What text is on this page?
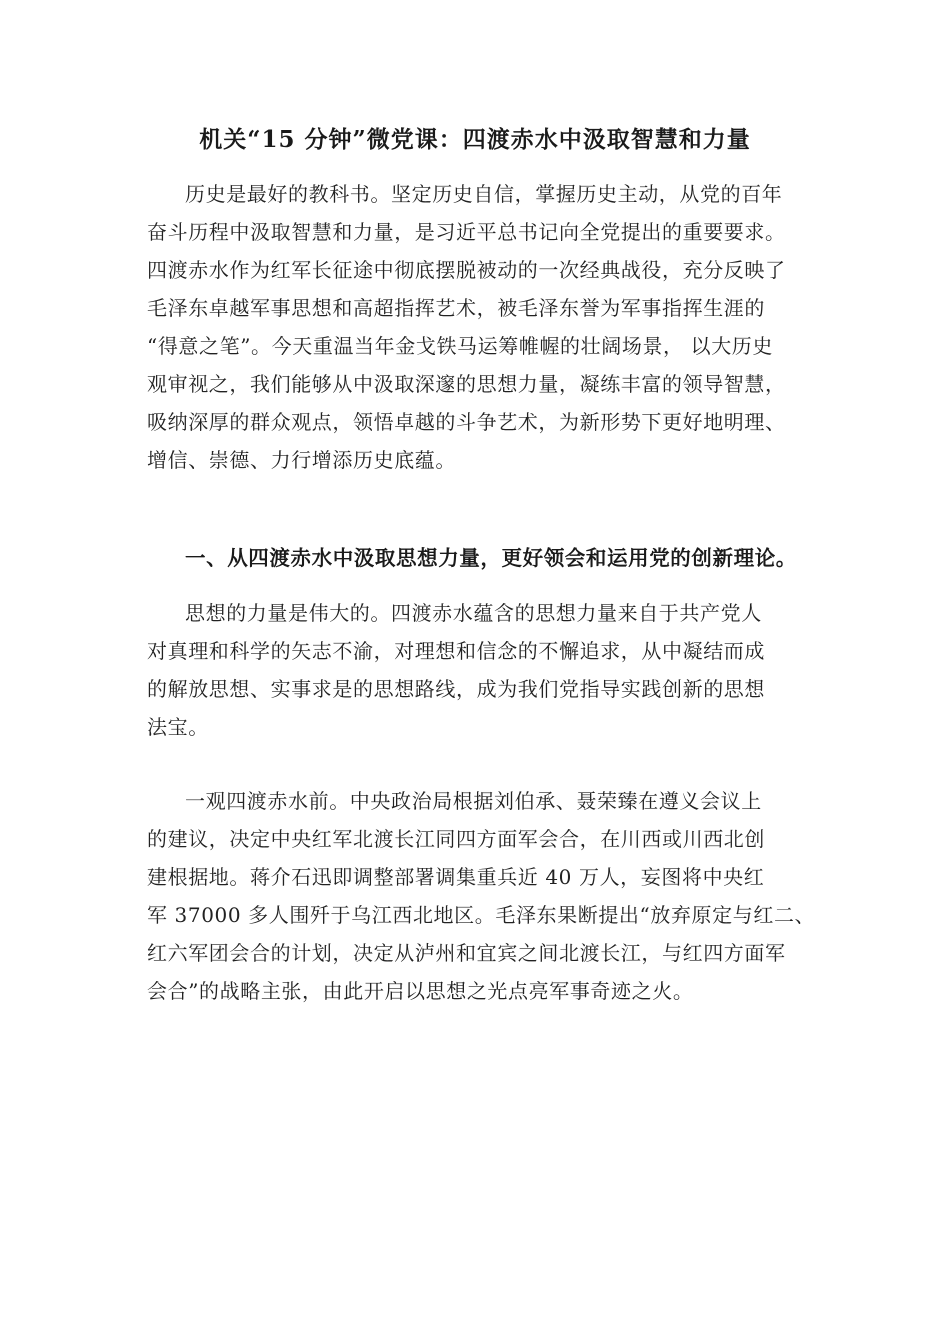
机关“15 分钟”微党课：四渡赤水中汲取智慧和力量
历史是最好的教科书。坚定历史自信，掌握历史主动，从党的百年
奋斗历程中汲取智慧和力量，是习近平总书记向全党提出的重要要求。
四渡赤水作为红军长征途中彻底摆脱被动的一次经典战役，充分反映了
毛泽东卓越军事思想和高超指挥艺术，被毛泽东誉为军事指挥生涯的
“得意之笔”。今天重温当年金戈铁马运筹帷幄的壮阔场景， 以大历史
观审视之，我们能够从中汲取深邃的思想力量，凝练丰富的领导智慧，
吸纳深厚的群众观点，领悟卓越的斗争艺术，为新形势下更好地明理、
增信、崇德、力行增添历史底蕴。
一、从四渡赤水中汲取思想力量，更好领会和运用党的创新理论。
思想的力量是伟大的。四渡赤水蕴含的思想力量来自于共产党人
对真理和科学的矢志不渝，对理想和信念的不懈追求，从中凝结而成
的解放思想、实事求是的思想路线，成为我们党指导实践创新的思想
法宝。
一观四渡赤水前。中央政治局根据刘伯承、聂荣臻在遵义会议上
的建议，决定中央红军北渡长江同四方面军会合，在川西或川西北创
建根据地。蒋介石迅即调整部署调集重兵近 40 万人，妄图将中央红
军 37000 多人围歼于乌江西北地区。毛泽东果断提出“放弃原定与红二、
红六军团会合的计划，决定从泸州和宜宾之间北渡长江，与红四方面军
会合”的战略主张，由此开启以思想之光点亮军事奇迹之火。
